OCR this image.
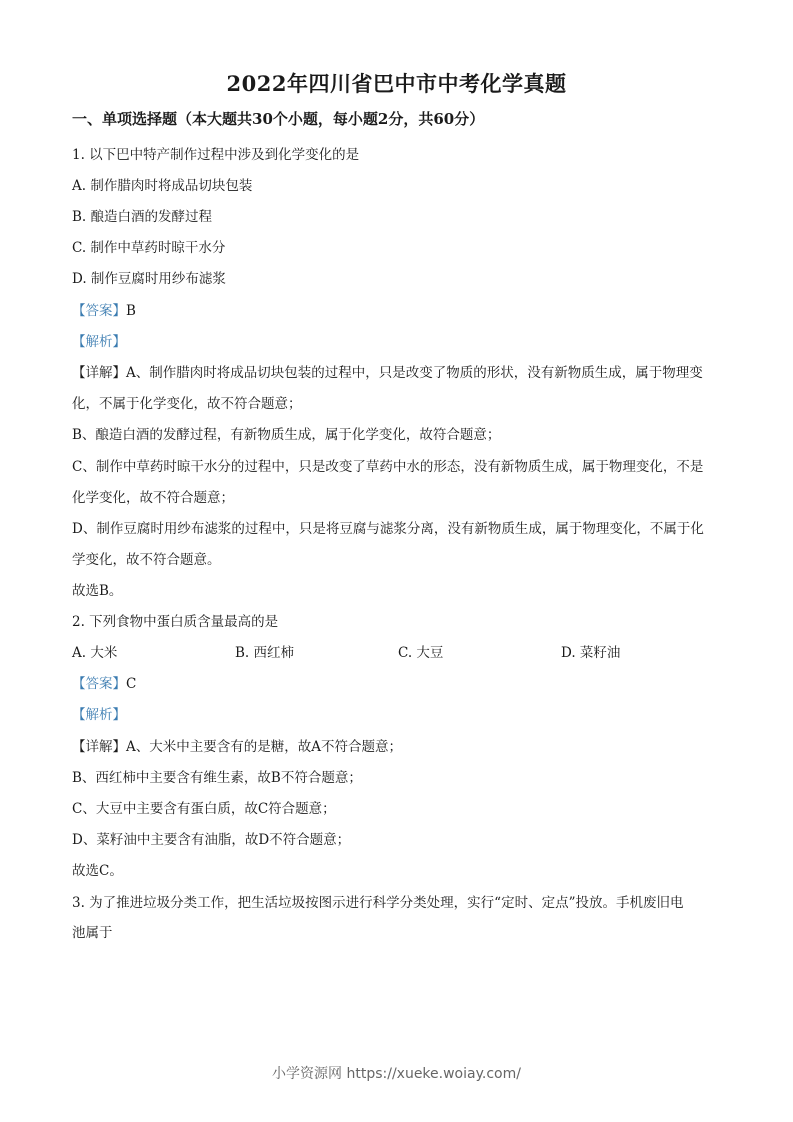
2022年四川省巴中市中考化学真题
一、单项选择题（本大题共30个小题，每小题2分，共60分）
1. 以下巴中特产制作过程中涉及到化学变化的是
A. 制作腊肉时将成品切块包装
B. 酿造白酒的发酵过程
C. 制作中草药时晾干水分
D. 制作豆腐时用纱布滤浆
【答案】B
【解析】
【详解】A、制作腊肉时将成品切块包装的过程中，只是改变了物质的形状，没有新物质生成，属于物理变
化，不属于化学变化，故不符合题意；
B、酿造白酒的发酵过程，有新物质生成，属于化学变化，故符合题意；
C、制作中草药时晾干水分的过程中，只是改变了草药中水的形态，没有新物质生成，属于物理变化，不是
化学变化，故不符合题意；
D、制作豆腐时用纱布滤浆的过程中，只是将豆腐与滤浆分离，没有新物质生成，属于物理变化，不属于化
学变化，故不符合题意。
故选B。
2. 下列食物中蛋白质含量最高的是
A. 大米	B. 西红柿	C. 大豆	D. 菜籽油
【答案】C
【解析】
【详解】A、大米中主要含有的是糖，故A不符合题意；
B、西红柿中主要含有维生素，故B不符合题意；
C、大豆中主要含有蛋白质，故C符合题意；
D、菜籽油中主要含有油脂，故D不符合题意；
故选C。
3. 为了推进垃圾分类工作，把生活垃圾按图示进行科学分类处理，实行“定时、定点”投放。手机废旧电
池属于
小学资源网 https://xueke.woiay.com/
